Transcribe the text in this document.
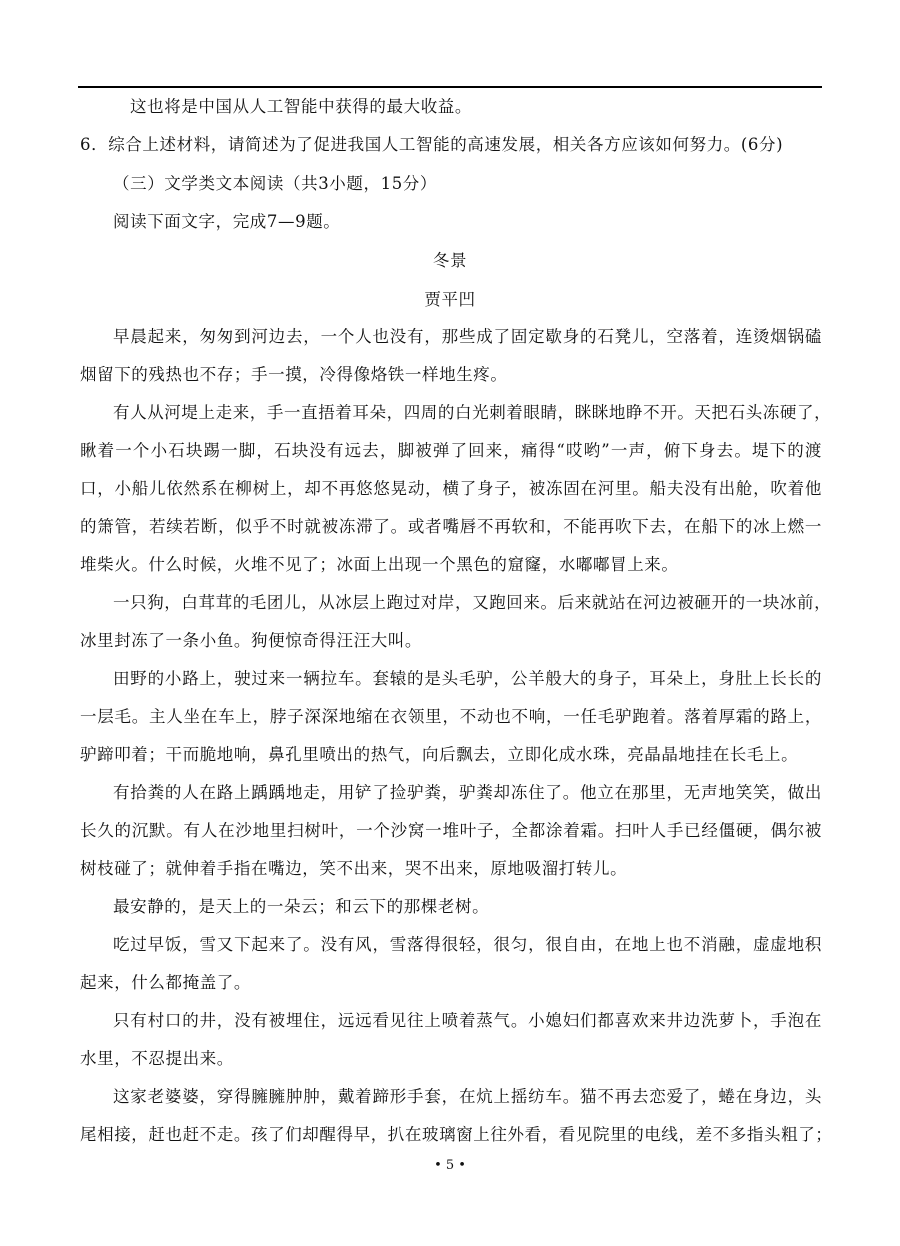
这也将是中国从人工智能中获得的最大收益。
6．综合上述材料，请简述为了促进我国人工智能的高速发展，相关各方应该如何努力。(6分)
（三）文学类文本阅读（共3小题，15分）
阅读下面文字，完成7—9题。
冬景
贾平凹
早晨起来，匆匆到河边去，一个人也没有，那些成了固定歇身的石凳儿，空落着，连烫烟锅磕
烟留下的残热也不存；手一摸，冷得像烙铁一样地生疼。
有人从河堤上走来，手一直捂着耳朵，四周的白光刺着眼睛，眯眯地睁不开。天把石头冻硬了，
瞅着一个小石块踢一脚，石块没有远去，脚被弹了回来，痛得“哎哟”一声，俯下身去。堤下的渡
口，小船儿依然系在柳树上，却不再悠悠晃动，横了身子，被冻固在河里。船夫没有出舱，吹着他
的箫管，若续若断，似乎不时就被冻滞了。或者嘴唇不再软和，不能再吹下去，在船下的冰上燃一
堆柴火。什么时候，火堆不见了；冰面上出现一个黑色的窟窿，水嘟嘟冒上来。
一只狗，白茸茸的毛团儿，从冰层上跑过对岸，又跑回来。后来就站在河边被砸开的一块冰前，
冰里封冻了一条小鱼。狗便惊奇得汪汪大叫。
田野的小路上，驶过来一辆拉车。套辕的是头毛驴，公羊般大的身子，耳朵上，身肚上长长的
一层毛。主人坐在车上，脖子深深地缩在衣领里，不动也不响，一任毛驴跑着。落着厚霜的路上，
驴蹄叩着；干而脆地响，鼻孔里喷出的热气，向后飘去，立即化成水珠，亮晶晶地挂在长毛上。
有拾粪的人在路上踽踽地走，用铲了捡驴粪，驴粪却冻住了。他立在那里，无声地笑笑，做出
长久的沉默。有人在沙地里扫树叶，一个沙窝一堆叶子，全都涂着霜。扫叶人手已经僵硬，偶尔被
树枝碰了；就伸着手指在嘴边，笑不出来，哭不出来，原地吸溜打转儿。
最安静的，是天上的一朵云；和云下的那棵老树。
吃过早饭，雪又下起来了。没有风，雪落得很轻，很匀，很自由，在地上也不消融，虚虚地积
起来，什么都掩盖了。
只有村口的井，没有被埋住，远远看见往上喷着蒸气。小媳妇们都喜欢来井边洗萝卜，手泡在
水里，不忍提出来。
这家老婆婆，穿得臃臃肿肿，戴着蹄形手套，在炕上摇纺车。猫不再去恋爱了，蜷在身边，头
尾相接，赶也赶不走。孩了们却醒得早，扒在玻璃窗上往外看，看见院里的电线，差不多指头粗了；
• 5 •
